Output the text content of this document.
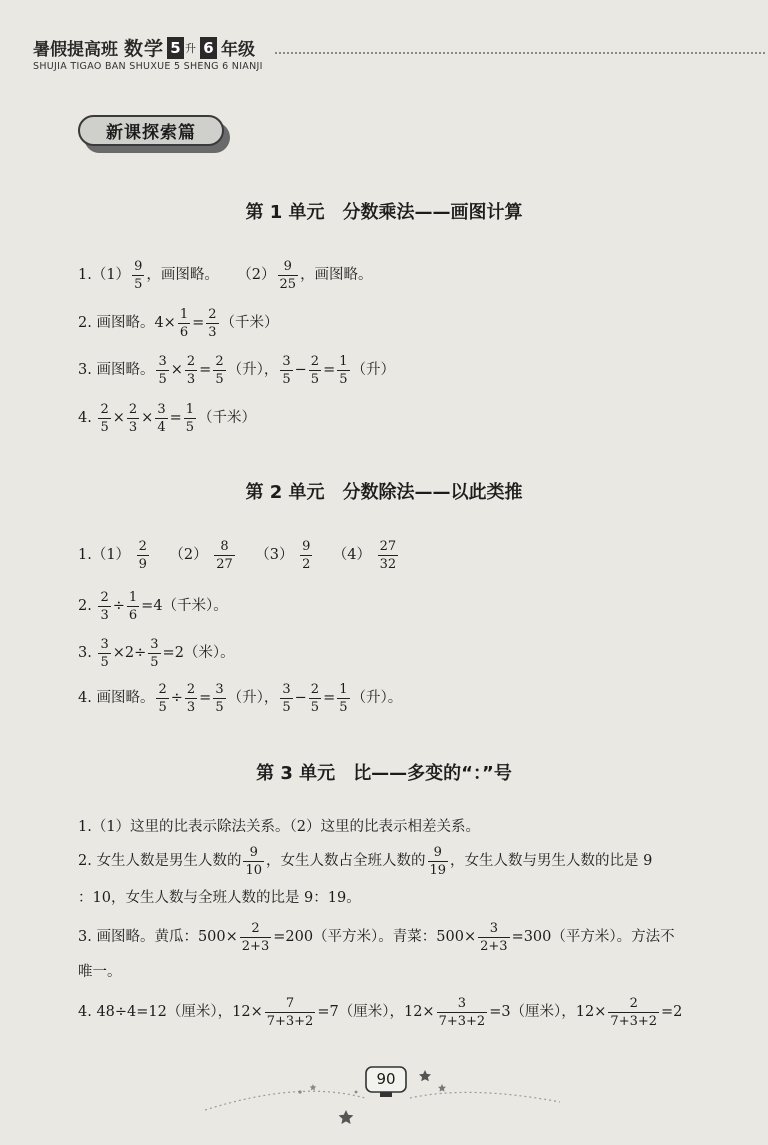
暑假提高班 数学 5 升 6 年级
SHUJIA TIGAO BAN SHUXUE 5 SHENG 6 NIANJI
新课探索篇
第 1 单元 分数乘法——画图计算
$1.(1) \frac{9}{5}$ ，画图略。    $(2) \frac{9}{25}$ ，画图略。
2. 画图略。$4\times \frac{1}{6} = \frac{2}{3}$ （千米）
3. 画图略。 $\frac{3}{5} \times \frac{2}{3} = \frac{2}{5}$ （升）， $\frac{3}{5} - \frac{2}{5} = \frac{1}{5}$ （升）
4. $\frac{2}{5} \times \frac{2}{3} \times \frac{3}{4} = \frac{1}{5}$ （千米）
第 2 单元 分数除法——以此类推
$1.(1) \frac{2}{9} (2) \frac{8}{27} (3) \frac{9}{2} (4) \frac{27}{32}$
2. $\frac{2}{3} \div \frac{1}{6} =4$（千米）。
3. $\frac{3}{5} \times 2\div \frac{3}{5} =2$（米）。
4. 画图略。 $\frac{2}{5} \div \frac{2}{3} = \frac{3}{5}$ （升）， $\frac{3}{5} - \frac{2}{5} = \frac{1}{5}$ （升）。
第 3 单元 比——多变的“：”号
1.（1）这里的比表示除法关系。（2）这里的比表示相差关系。
2. 女生人数是男生人数的 $\frac{9}{10}$ ，女生人数占全班人数的 $\frac{9}{19}$ ，女生人数与男生人数的比是 9
：10，女生人数与全班人数的比是 9：19。
3. 画图略。黄瓜：$500\times \frac{2}{2+3} =200$（平方米）。青菜：$500\times \frac{3}{2+3} =300$（平方米）。方法不
唯一。
4. 48÷4=12（厘米），$12\times \frac{7}{7+3+2} =7$（厘米），$12\times \frac{3}{7+3+2} =3$（厘米），$12\times \frac{2}{7+3+2} =2$
90
